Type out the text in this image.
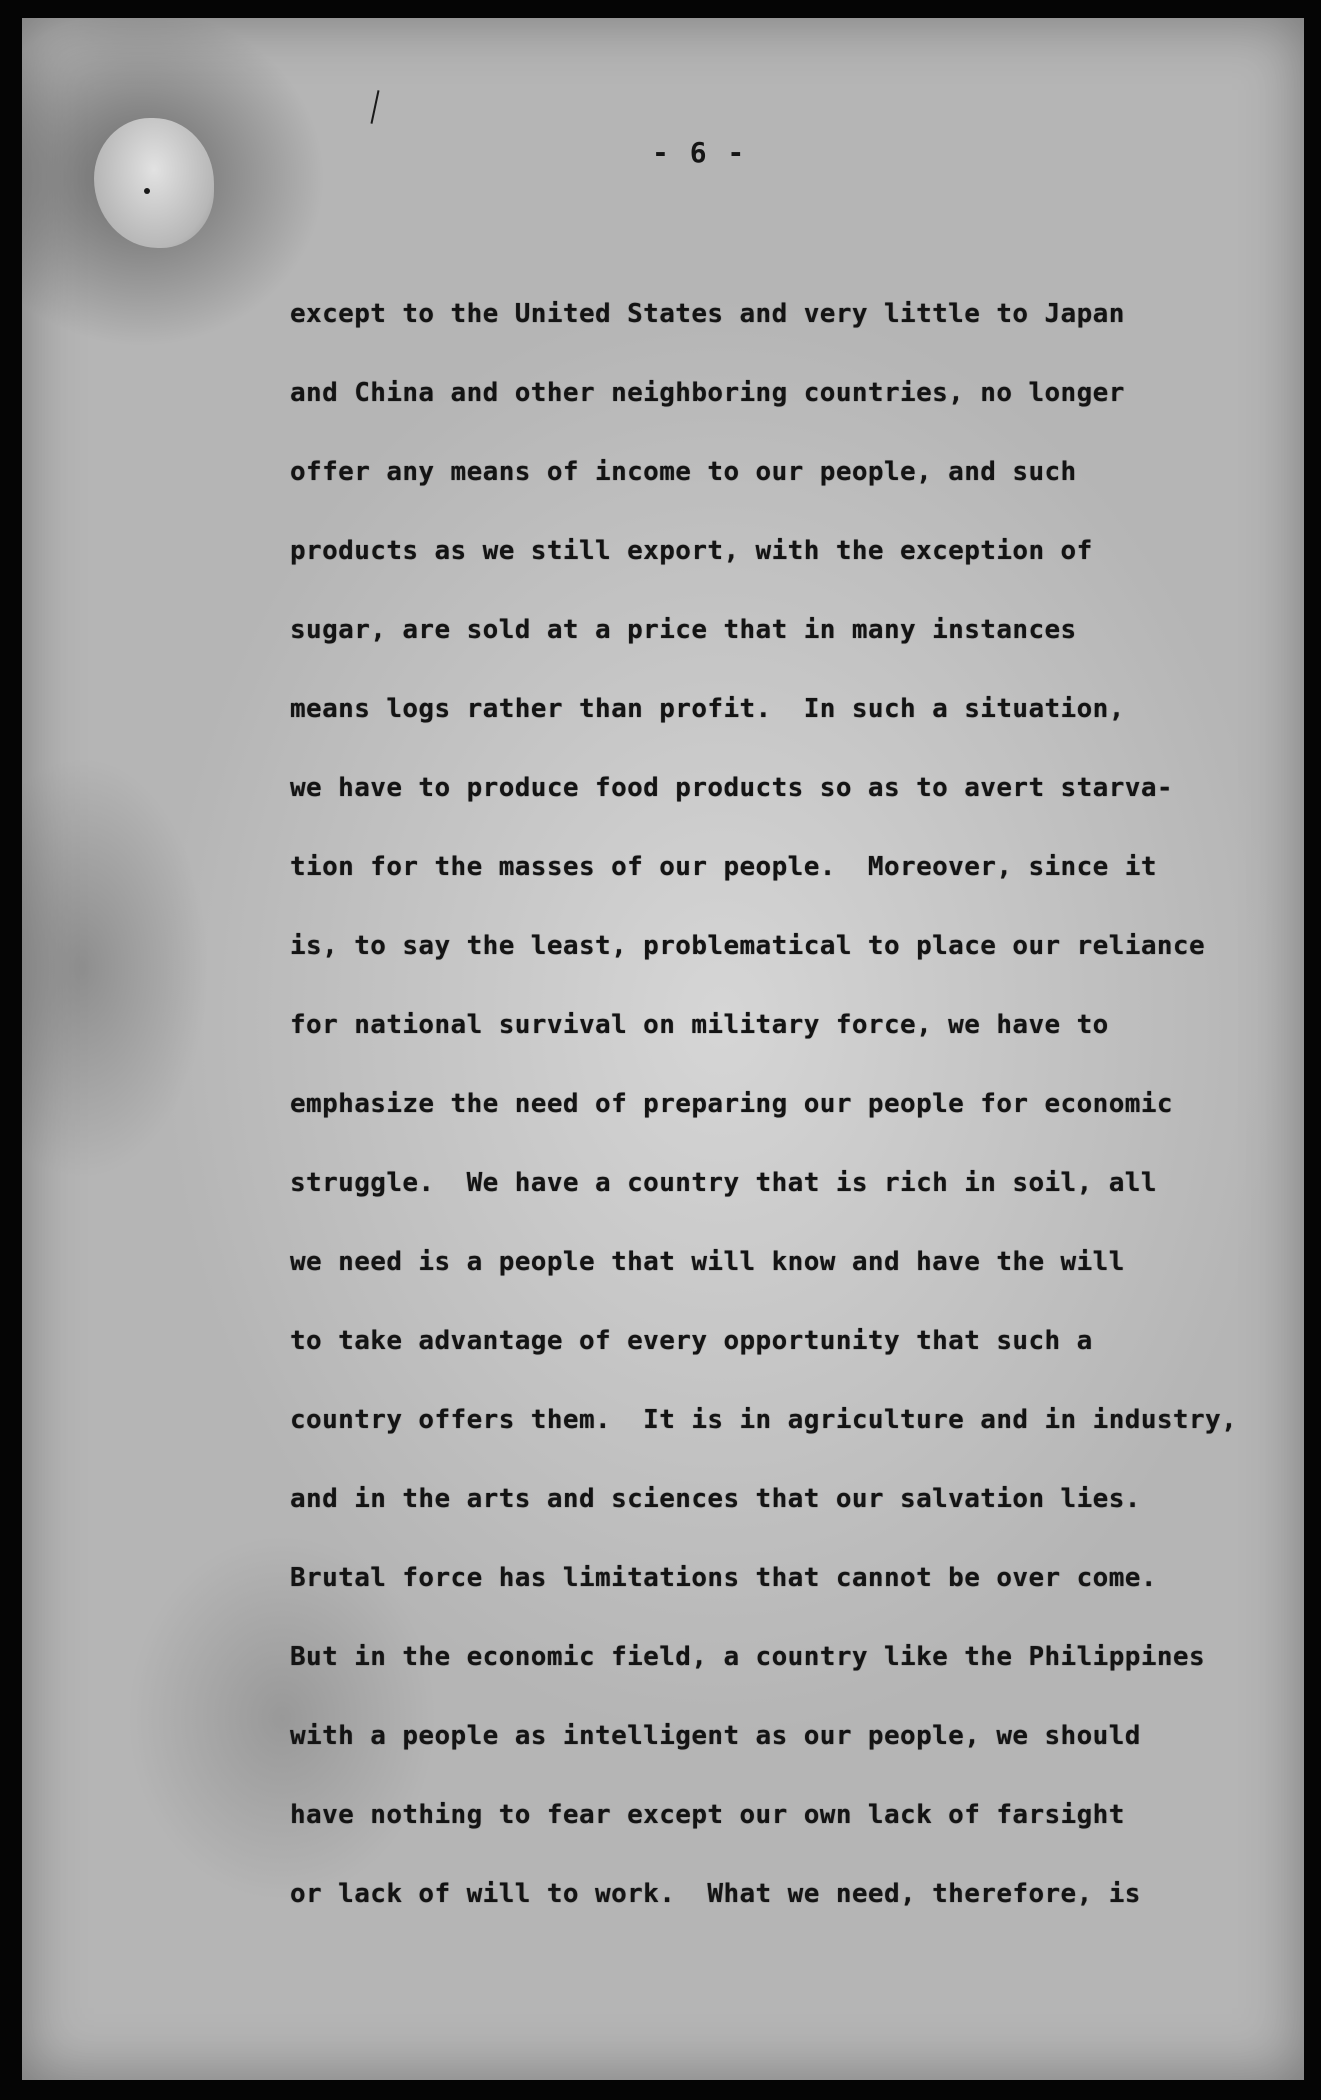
- 6 -
except to the United States and very little to Japan
and China and other neighboring countries, no longer
offer any means of income to our people, and such
products as we still export, with the exception of
sugar, are sold at a price that in many instances
means logs rather than profit.  In such a situation,
we have to produce food products so as to avert starva-
tion for the masses of our people.  Moreover, since it
is, to say the least, problematical to place our reliance
for national survival on military force, we have to
emphasize the need of preparing our people for economic
struggle.  We have a country that is rich in soil, all
we need is a people that will know and have the will
to take advantage of every opportunity that such a
country offers them.  It is in agriculture and in industry,
and in the arts and sciences that our salvation lies.
Brutal force has limitations that cannot be over come.
But in the economic field, a country like the Philippines
with a people as intelligent as our people, we should
have nothing to fear except our own lack of farsight
or lack of will to work.  What we need, therefore, is
